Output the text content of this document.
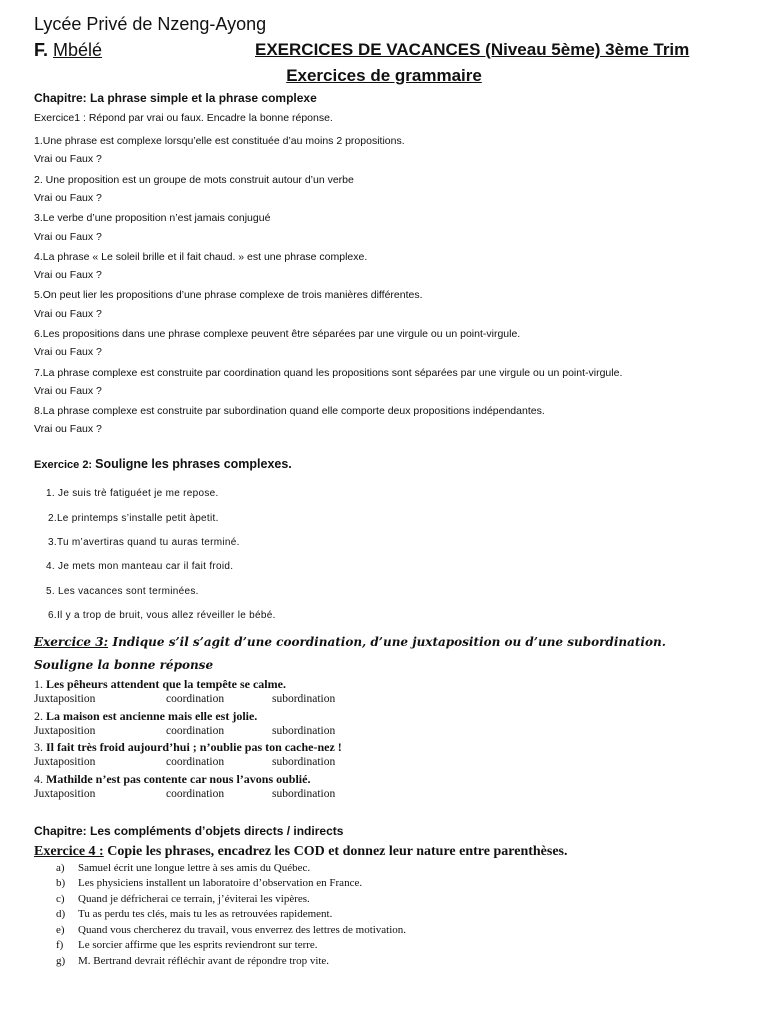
Lycée Privé de Nzeng-Ayong
F. Mbélé	EXERCICES DE VACANCES (Niveau 5ème) 3ème Trim
Exercices de grammaire
Chapitre: La phrase simple et la phrase complexe
Exercice1 : Répond par vrai ou faux. Encadre la bonne réponse.
1.Une phrase est complexe lorsqu’elle est constituée d’au moins 2 propositions.
Vrai ou Faux ?
2. Une proposition est un groupe de mots construit autour d’un verbe
Vrai ou Faux ?
3.Le verbe d’une proposition n’est jamais conjugué
Vrai ou Faux ?
4.La phrase « Le soleil brille et il fait chaud. » est une phrase complexe.
Vrai ou Faux ?
5.On peut lier les propositions d’une phrase complexe de trois manières différentes.
Vrai ou Faux ?
6.Les propositions dans une phrase complexe peuvent être séparées par une virgule ou un point-virgule.
Vrai ou Faux ?
7.La phrase complexe est construite par coordination quand les propositions sont séparées par une virgule ou un point-virgule.
Vrai ou Faux ?
8.La phrase complexe est construite par subordination quand elle comporte deux propositions indépendantes.
Vrai ou Faux ?
Exercice 2: Souligne les phrases complexes.
1. Je suis trè fatiguéet je me repose.
2.Le printemps s’installe petit àpetit.
3.Tu m’avertiras quand tu auras terminé.
4. Je mets mon manteau car il fait froid.
5. Les vacances sont terminées.
6.Il y a trop de bruit, vous allez réveiller le bébé.
Exercice 3: Indique s’il s’agit d’une coordination, d’une juxtaposition ou d’une subordination.
Souligne la bonne réponse
1. Les pêheurs attendent que la tempête se calme.
Juxtaposition	coordination	subordination
2. La maison est ancienne mais elle est jolie.
Juxtaposition	coordination	subordination
3. Il fait très froid aujourd’hui ; n’oublie pas ton cache-nez !
Juxtaposition	coordination	subordination
4. Mathilde n’est pas contente car nous l’avons oublié.
Juxtaposition	coordination	subordination
Chapitre: Les compléments d’objets directs / indirects
Exercice 4 : Copie les phrases, encadrez les COD et donnez leur nature entre parenthèses.
a) Samuel écrit une longue lettre à ses amis du Québec.
b) Les physiciens installent un laboratoire d’observation en France.
c) Quand je défricherai ce terrain, j’éviterai les vipères.
d) Tu as perdu tes clés, mais tu les as retrouvées rapidement.
e) Quand vous chercherez du travail, vous enverrez des lettres de motivation.
f) Le sorcier affirme que les esprits reviendront sur terre.
g) M. Bertrand devrait réfléchir avant de répondre trop vite.
